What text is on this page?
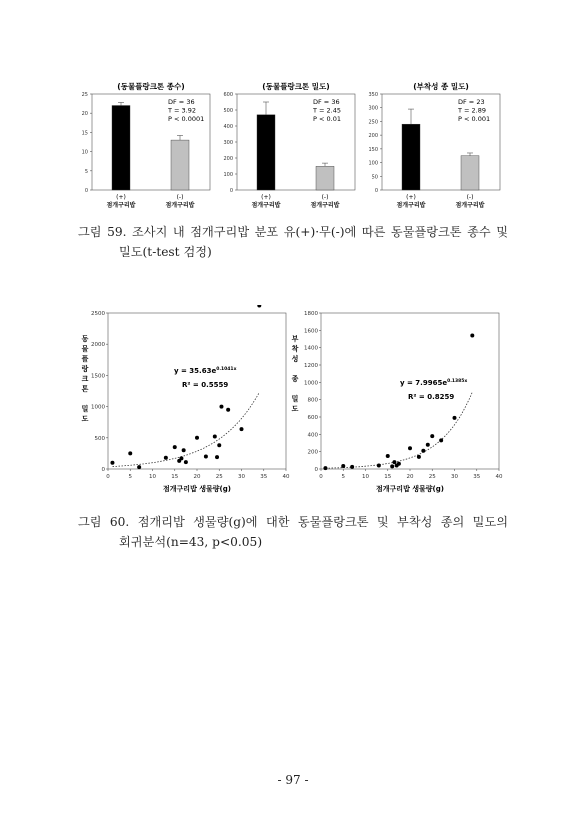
(동물플랑크톤 종수)
0
5
10
15
20
25
(+)
점개구리밥
(-)
점개구리밥
DF = 36
T = 3.92
P < 0.0001
(동물플랑크톤 밀도)
0
100
200
300
400
500
600
(+)
점개구리밥
(-)
점개구리밥
DF = 36
T = 2.45
P < 0.01
(부착성 종 밀도)
0
50
100
150
200
250
300
350
(+)
점개구리밥
(-)
점개구리밥
DF = 23
T = 2.89
P < 0.001
그림 59. 조사지 내 점개구리밥 분포 유(+)·무(-)에 따른 동물플랑크톤 종수 및
밀도(t-test 검정)
0	5	10	15	20	25	30	35	40
0
500
1000
1500
2000
2500
동 물 플 랑 크 톤 밀 도
점개구리밥 생물량(g)
$y = 35.63e^{0.1041x}$
R² = 0.5559
0	5	10	15	20	25	30	35	40
0
200
400
600
800
1000
1200
1400
1600
1800
부 착 성 종 밀 도
점개구리밥 생물량(g)
$y = 7.9965e^{0.1385x}$
R² = 0.8259
그림 60. 점개리밥 생물량(g)에 대한 동물플랑크톤 및 부착성 종의 밀도의
회귀분석(n=43, p<0.05)
- 97 -
